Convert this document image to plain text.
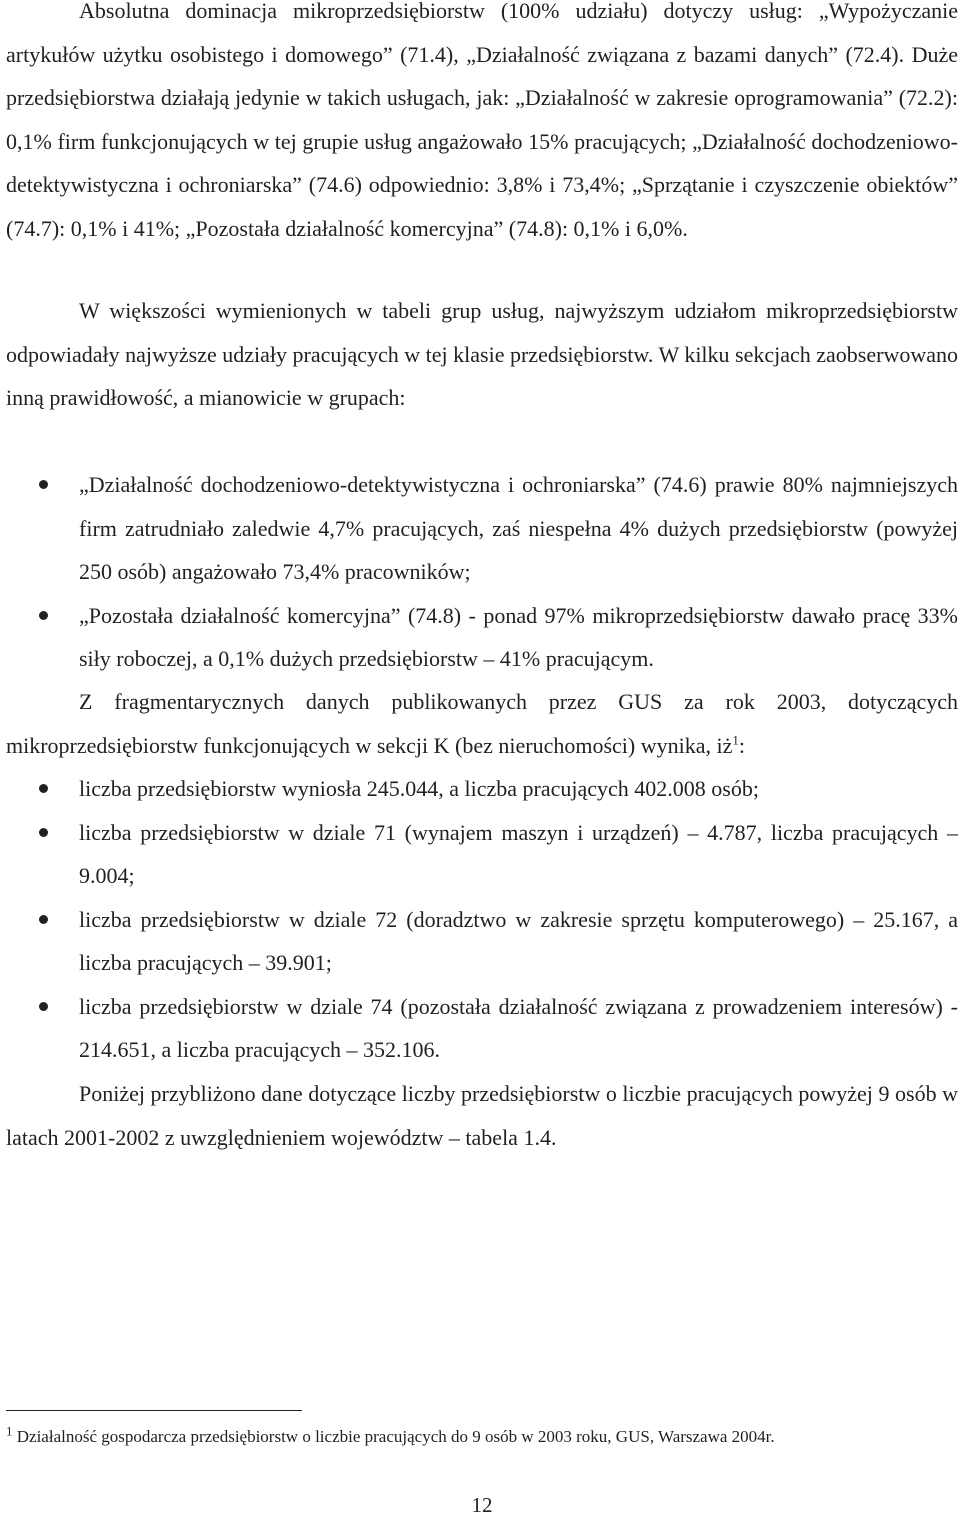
Absolutna dominacja mikroprzedsiębiorstw (100% udziału) dotyczy usług: „Wypożyczanie artykułów użytku osobistego i domowego” (71.4), „Działalność związana z bazami danych” (72.4). Duże przedsiębiorstwa działają jedynie w takich usługach, jak: „Działalność w zakresie oprogramowania” (72.2): 0,1% firm funkcjonujących w tej grupie usług angażowało 15% pracujących; „Działalność dochodzeniowo-detektywistyczna i ochroniarska” (74.6) odpowiednio: 3,8% i 73,4%; „Sprzątanie i czyszczenie obiektów” (74.7): 0,1% i 41%; „Pozostała działalność komercyjna” (74.8): 0,1% i 6,0%.

W większości wymienionych w tabeli grup usług, najwyższym udziałom mikroprzedsiębiorstw odpowiadały najwyższe udziały pracujących w tej klasie przedsiębiorstw. W kilku sekcjach zaobserwowano inną prawidłowość, a mianowicie w grupach:

„Działalność dochodzeniowo-detektywistyczna i ochroniarska” (74.6) prawie 80% najmniejszych firm zatrudniało zaledwie 4,7% pracujących, zaś niespełna 4% dużych przedsiębiorstw (powyżej 250 osób) angażowało 73,4% pracowników;
„Pozostała działalność komercyjna” (74.8) - ponad 97% mikroprzedsiębiorstw dawało pracę 33% siły roboczej, a 0,1% dużych przedsiębiorstw – 41% pracującym.

Z fragmentarycznych danych publikowanych przez GUS za rok 2003, dotyczących mikroprzedsiębiorstw funkcjonujących w sekcji K (bez nieruchomości) wynika, $iż^1$:

liczba przedsiębiorstw wyniosła 245.044, a liczba pracujących 402.008 osób;
liczba przedsiębiorstw w dziale 71 (wynajem maszyn i urządzeń) – 4.787, liczba pracujących – 9.004;
liczba przedsiębiorstw w dziale 72 (doradztwo w zakresie sprzętu komputerowego) – 25.167, a liczba pracujących – 39.901;
liczba przedsiębiorstw w dziale 74 (pozostała działalność związana z prowadzeniem interesów) - 214.651, a liczba pracujących – 352.106.

Poniżej przybliżono dane dotyczące liczby przedsiębiorstw o liczbie pracujących powyżej 9 osób w latach 2001-2002 z uwzględnieniem województw – tabela 1.4.

$^1$ Działalność gospodarcza przedsiębiorstw o liczbie pracujących do 9 osób w 2003 roku, GUS, Warszawa 2004r.
12
